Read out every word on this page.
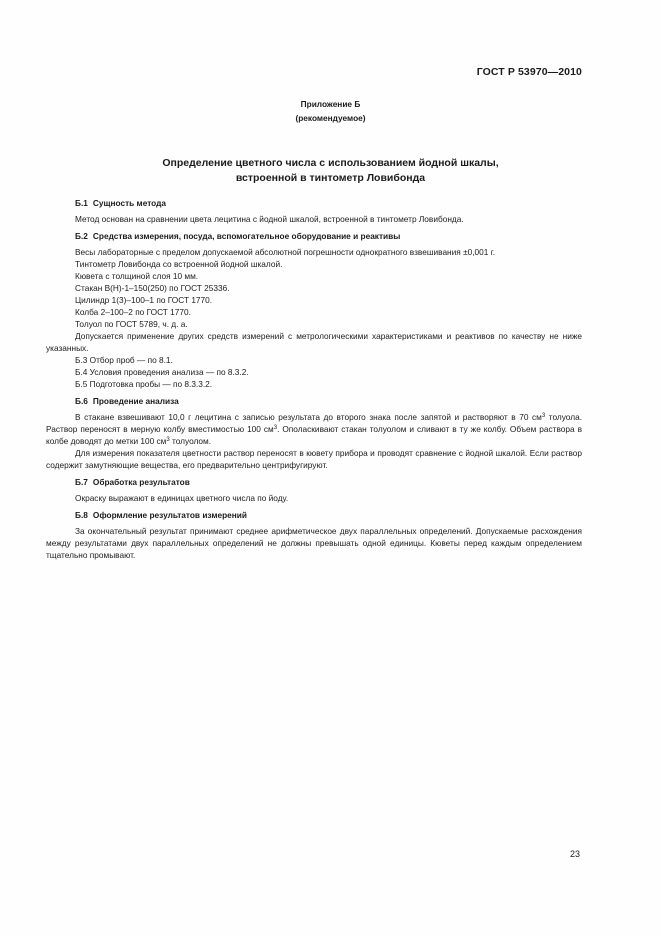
ГОСТ Р 53970—2010
Приложение Б
(рекомендуемое)
Определение цветного числа с использованием йодной шкалы,
встроенной в тинтометр Ловибонда

Б.1 Сущность метода

Метод основан на сравнении цвета лецитина с йодной шкалой, встроенной в тинтометр Ловибонда.

Б.2 Средства измерения, посуда, вспомогательное оборудование и реактивы

Весы лабораторные с пределом допускаемой абсолютной погрешности однократного взвешивания ±0,001 г.

Тинтометр Ловибонда со встроенной йодной шкалой.

Кювета с толщиной слоя 10 мм.

Стакан В(Н)-1–150(250) по ГОСТ 25336.

Цилиндр 1(3)–100–1 по ГОСТ 1770.

Колба 2–100–2 по ГОСТ 1770.

Толуол по ГОСТ 5789, ч. д. а.

Допускается применение других средств измерений с метрологическими характеристиками и реактивов по качеству не ниже указанных.

Б.3 Отбор проб — по 8.1.

Б.4 Условия проведения анализа — по 8.3.2.

Б.5 Подготовка пробы — по 8.3.3.2.

Б.6 Проведение анализа

В стакане взвешивают 10,0 г лецитина с записью результата до второго знака после запятой и растворяют в 70 $см^3$ толуола. Раствор переносят в мерную колбу вместимостью 100 $см^3$. Ополаскивают стакан толуолом и сливают в ту же колбу. Объем раствора в колбе доводят до метки 100 $см^3$ толуолом.

Для измерения показателя цветности раствор переносят в кювету прибора и проводят сравнение с йодной шкалой. Если раствор содержит замутняющие вещества, его предварительно центрифугируют.

Б.7 Обработка результатов

Окраску выражают в единицах цветного числа по йоду.

Б.8 Оформление результатов измерений

За окончательный результат принимают среднее арифметическое двух параллельных определений. Допускаемые расхождения между результатами двух параллельных определений не должны превышать одной единицы. Кюветы перед каждым определением тщательно промывают.

23
